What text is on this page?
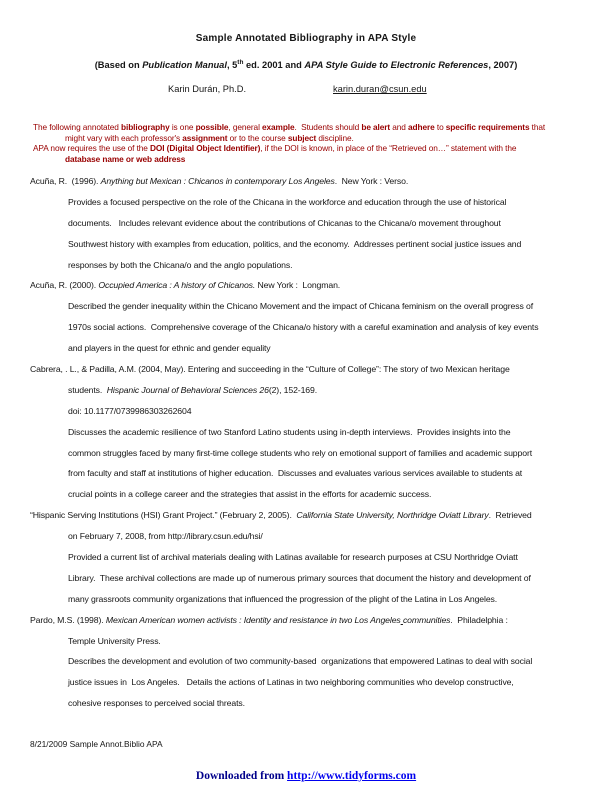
Sample Annotated Bibliography in APA Style
(Based on Publication Manual, 5th ed. 2001 and APA Style Guide to Electronic References, 2007)
Karin Durán, Ph.D.	karin.duran@csun.edu
The following annotated bibliography is one possible, general example.  Students should be alert and adhere to specific requirements that
might vary with each professor's assignment or to the course subject discipline.
APA now requires the use of the DOI (Digital Object Identifier), if the DOI is known, in place of the “Retrieved on…” statement with the
database name or web address
Acuña, R.  (1996). Anything but Mexican : Chicanos in contemporary Los Angeles.  New York : Verso.
Provides a focused perspective on the role of the Chicana in the workforce and education through the use of historical
documents.   Includes relevant evidence about the contributions of Chicanas to the Chicana/o movement throughout
Southwest history with examples from education, politics, and the economy.  Addresses pertinent social justice issues and
responses by both the Chicana/o and the anglo populations.
Acuña, R. (2000). Occupied America : A history of Chicanos. New York :  Longman.
Described the gender inequality within the Chicano Movement and the impact of Chicana feminism on the overall progress of
1970s social actions.  Comprehensive coverage of the Chicana/o history with a careful examination and analysis of key events
and players in the quest for ethnic and gender equality
Cabrera, . L., & Padilla, A.M. (2004, May). Entering and succeeding in the “Culture of College”: The story of two Mexican heritage
students.  Hispanic Journal of Behavioral Sciences 26(2), 152-169.
doi: 10.1177/0739986303262604
Discusses the academic resilience of two Stanford Latino students using in-depth interviews.  Provides insights into the
common struggles faced by many first-time college students who rely on emotional support of families and academic support
from faculty and staff at institutions of higher education.  Discusses and evaluates various services available to students at
crucial points in a college career and the strategies that assist in the efforts for academic success.
“Hispanic Serving Institutions (HSI) Grant Project.” (February 2, 2005).  California State University, Northridge Oviatt Library.  Retrieved
on February 7, 2008, from http://library.csun.edu/hsi/
Provided a current list of archival materials dealing with Latinas available for research purposes at CSU Northridge Oviatt
Library.  These archival collections are made up of numerous primary sources that document the history and development of
many grassroots community organizations that influenced the progression of the plight of the Latina in Los Angeles.
Pardo, M.S. (1998). Mexican American women activists : Identity and resistance in two Los Angeles communities.  Philadelphia :
Temple University Press.
Describes the development and evolution of two community-based  organizations that empowered Latinas to deal with social
justice issues in  Los Angeles.   Details the actions of Latinas in two neighboring communities who develop constructive,
cohesive responses to perceived social threats.
8/21/2009 Sample Annot.Biblio APA
Downloaded from http://www.tidyforms.com
